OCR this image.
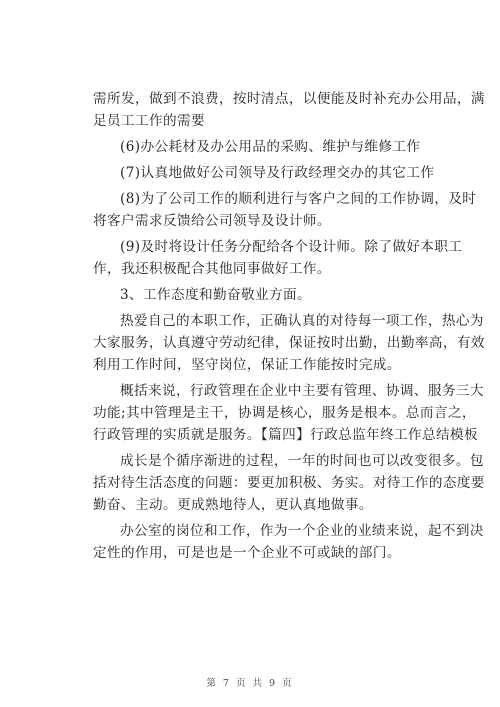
需所发，做到不浪费，按时清点，以便能及时补充办公用品，满
足员工工作的需要
(6)办公耗材及办公用品的采购、维护与维修工作
(7)认真地做好公司领导及行政经理交办的其它工作
(8)为了公司工作的顺利进行与客户之间的工作协调，及时
将客户需求反馈给公司领导及设计师。
(9)及时将设计任务分配给各个设计师。除了做好本职工
作，我还积极配合其他同事做好工作。
3、工作态度和勤奋敬业方面。
热爱自己的本职工作，正确认真的对待每一项工作，热心为
大家服务，认真遵守劳动纪律，保证按时出勤，出勤率高，有效
利用工作时间，坚守岗位，保证工作能按时完成。
概括来说，行政管理在企业中主要有管理、协调、服务三大
功能;其中管理是主干，协调是核心，服务是根本。总而言之，
行政管理的实质就是服务。【篇四】行政总监年终工作总结模板
成长是个循序渐进的过程，一年的时间也可以改变很多。包
括对待生活态度的问题：要更加积极、务实。对待工作的态度要
勤奋、主动。更成熟地待人，更认真地做事。
办公室的岗位和工作，作为一个企业的业绩来说，起不到决
定性的作用，可是也是一个企业不可或缺的部门。
第 7 页 共 9 页
